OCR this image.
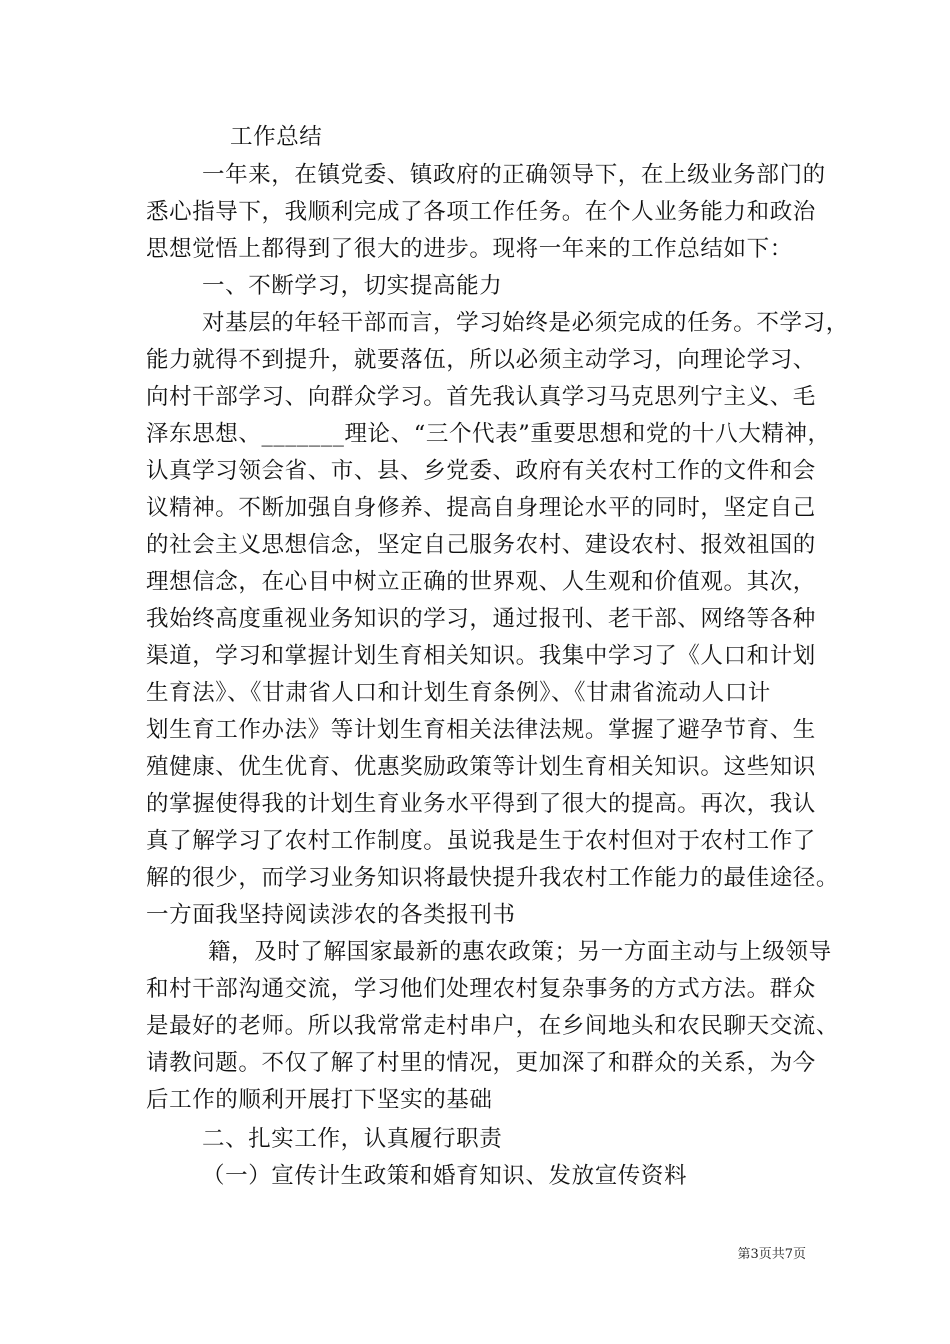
工作总结
一年来，在镇党委、镇政府的正确领导下，在上级业务部门的
悉心指导下，我顺利完成了各项工作任务。在个人业务能力和政治
思想觉悟上都得到了很大的进步。现将一年来的工作总结如下：
一、不断学习，切实提高能力
对基层的年轻干部而言，学习始终是必须完成的任务。不学习，
能力就得不到提升，就要落伍，所以必须主动学习，向理论学习、
向村干部学习、向群众学习。首先我认真学习马克思列宁主义、毛
泽东思想、_______理论、“三个代表”重要思想和党的十八大精神，
认真学习领会省、市、县、乡党委、政府有关农村工作的文件和会
议精神。不断加强自身修养、提高自身理论水平的同时，坚定自己
的社会主义思想信念，坚定自己服务农村、建设农村、报效祖国的
理想信念，在心目中树立正确的世界观、人生观和价值观。其次，
我始终高度重视业务知识的学习，通过报刊、老干部、网络等各种
渠道，学习和掌握计划生育相关知识。我集中学习了《人口和计划
生育法》、《甘肃省人口和计划生育条例》、《甘肃省流动人口计
划生育工作办法》等计划生育相关法律法规。掌握了避孕节育、生
殖健康、优生优育、优惠奖励政策等计划生育相关知识。这些知识
的掌握使得我的计划生育业务水平得到了很大的提高。再次，我认
真了解学习了农村工作制度。虽说我是生于农村但对于农村工作了
解的很少，而学习业务知识将最快提升我农村工作能力的最佳途径。
一方面我坚持阅读涉农的各类报刊书
籍，及时了解国家最新的惠农政策；另一方面主动与上级领导
和村干部沟通交流，学习他们处理农村复杂事务的方式方法。群众
是最好的老师。所以我常常走村串户，在乡间地头和农民聊天交流、
请教问题。不仅了解了村里的情况，更加深了和群众的关系，为今
后工作的顺利开展打下坚实的基础
二、扎实工作，认真履行职责
（一）宣传计生政策和婚育知识、发放宣传资料
第3页共7页
